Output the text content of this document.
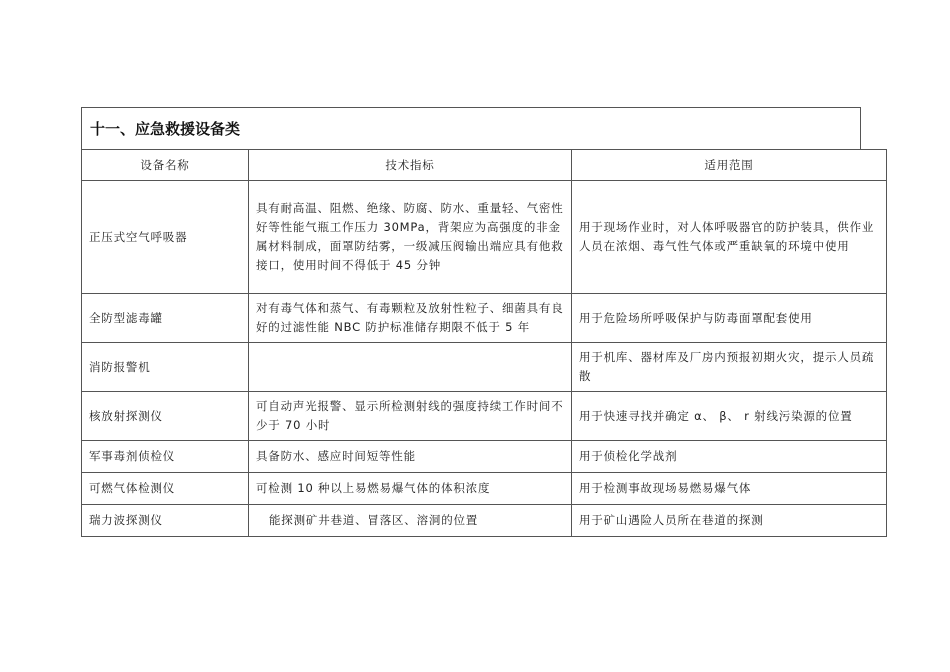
十一、应急救援设备类
设备名称	技术指标	适用范围
正压式空气呼吸器	具有耐高温、阻燃、绝缘、防腐、防水、重量轻、气密性好等性能气瓶工作压力 30MPa，背架应为高强度的非金属材料制成，面罩防结雾，一级减压阀输出端应具有他救接口，使用时间不得低于 45 分钟	用于现场作业时，对人体呼吸器官的防护装具，供作业人员在浓烟、毒气性气体或严重缺氧的环境中使用
全防型滤毒罐	对有毒气体和蒸气、有毒颗粒及放射性粒子、细菌具有良好的过滤性能 NBC 防护标准储存期限不低于 5 年	用于危险场所呼吸保护与防毒面罩配套使用
消防报警机		用于机库、器材库及厂房内预报初期火灾，提示人员疏散
核放射探测仪	可自动声光报警、显示所检测射线的强度持续工作时间不少于 70 小时	用于快速寻找并确定 α、 β、 r 射线污染源的位置
军事毒剂侦检仪	具备防水、感应时间短等性能	用于侦检化学战剂
可燃气体检测仪	可检测 10 种以上易燃易爆气体的体积浓度	用于检测事故现场易燃易爆气体
瑞力波探测仪	能探测矿井巷道、冒落区、溶洞的位置	用于矿山遇险人员所在巷道的探测
